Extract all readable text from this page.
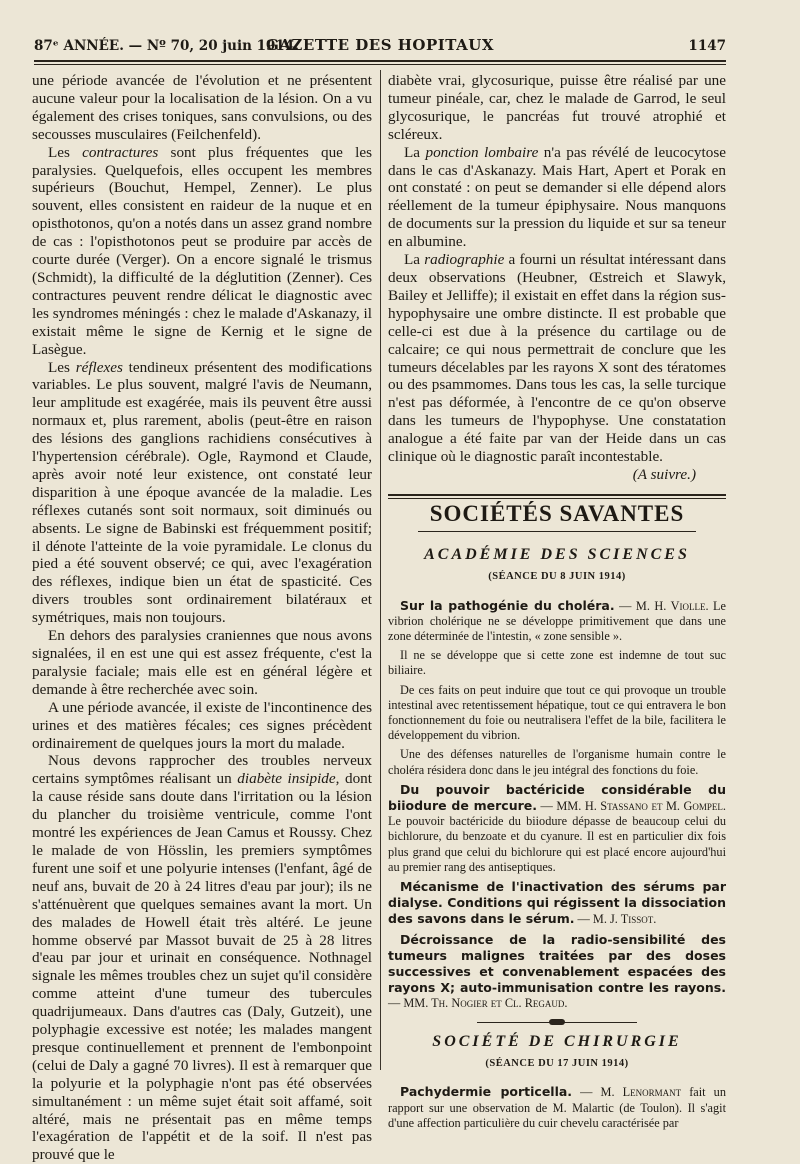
87ᵉ ANNÉE. — Nº 70, 20 juin 1914.
GAZETTE DES HOPITAUX	1147

une période avancée de l'évolution et ne présentent aucune valeur pour la localisation de la lésion. On a vu également des crises toniques, sans convulsions, ou des secousses musculaires (Feilchenfeld).

Les contractures sont plus fréquentes que les paralysies. Quelquefois, elles occupent les membres supérieurs (Bouchut, Hempel, Zenner). Le plus souvent, elles consistent en raideur de la nuque et en opisthotonos, qu'on a notés dans un assez grand nombre de cas : l'opisthotonos peut se produire par accès de courte durée (Verger). On a encore signalé le trismus (Schmidt), la difficulté de la déglutition (Zenner). Ces contractures peuvent rendre délicat le diagnostic avec les syndromes méningés : chez le malade d'Askanazy, il existait même le signe de Kernig et le signe de Lasègue.

Les réflexes tendineux présentent des modifications variables. Le plus souvent, malgré l'avis de Neumann, leur amplitude est exagérée, mais ils peuvent être aussi normaux et, plus rarement, abolis (peut-être en raison des lésions des ganglions rachidiens consécutives à l'hypertension cérébrale). Ogle, Raymond et Claude, après avoir noté leur existence, ont constaté leur disparition à une époque avancée de la maladie. Les réflexes cutanés sont soit normaux, soit diminués ou absents. Le signe de Babinski est fréquemment positif; il dénote l'atteinte de la voie pyramidale. Le clonus du pied a été souvent observé; ce qui, avec l'exagération des réflexes, indique bien un état de spasticité. Ces divers troubles sont ordinairement bilatéraux et symétriques, mais non toujours.

En dehors des paralysies craniennes que nous avons signalées, il en est une qui est assez fréquente, c'est la paralysie faciale; mais elle est en général légère et demande à être recherchée avec soin.

A une période avancée, il existe de l'incontinence des urines et des matières fécales; ces signes précèdent ordinairement de quelques jours la mort du malade.

Nous devons rapprocher des troubles nerveux certains symptômes réalisant un diabète insipide, dont la cause réside sans doute dans l'irritation ou la lésion du plancher du troisième ventricule, comme l'ont montré les expériences de Jean Camus et Roussy. Chez le malade de von Hösslin, les premiers symptômes furent une soif et une polyurie intenses (l'enfant, âgé de neuf ans, buvait de 20 à 24 litres d'eau par jour); ils ne s'atténuèrent que quelques semaines avant la mort. Un des malades de Howell était très altéré. Le jeune homme observé par Massot buvait de 25 à 28 litres d'eau par jour et urinait en conséquence. Nothnagel signale les mêmes troubles chez un sujet qu'il considère comme atteint d'une tumeur des tubercules quadrijumeaux. Dans d'autres cas (Daly, Gutzeit), une polyphagie excessive est notée; les malades mangent presque continuellement et prennent de l'embonpoint (celui de Daly a gagné 70 livres). Il est à remarquer que la polyurie et la polyphagie n'ont pas été observées simultanément : un même sujet était soit affamé, soit altéré, mais ne présentait pas en même temps l'exagération de l'appétit et de la soif. Il n'est pas prouvé que le

diabète vrai, glycosurique, puisse être réalisé par une tumeur pinéale, car, chez le malade de Garrod, le seul glycosurique, le pancréas fut trouvé atrophié et scléreux.

La ponction lombaire n'a pas révélé de leucocytose dans le cas d'Askanazy. Mais Hart, Apert et Porak en ont constaté : on peut se demander si elle dépend alors réellement de la tumeur épiphysaire. Nous manquons de documents sur la pression du liquide et sur sa teneur en albumine.

La radiographie a fourni un résultat intéressant dans deux observations (Heubner, Œstreich et Slawyk, Bailey et Jelliffe); il existait en effet dans la région sus-hypophysaire une ombre distincte. Il est probable que celle-ci est due à la présence du cartilage ou de calcaire; ce qui nous permettrait de conclure que les tumeurs décelables par les rayons X sont des tératomes ou des psammomes. Dans tous les cas, la selle turcique n'est pas déformée, à l'encontre de ce qu'on observe dans les tumeurs de l'hypophyse. Une constatation analogue a été faite par van der Heide dans un cas clinique où le diagnostic paraît incontestable.

(A suivre.)
SOCIÉTÉS SAVANTES
ACADÉMIE DES SCIENCES
(SÉANCE DU 8 JUIN 1914)

Sur la pathogénie du choléra. — M. H. Violle. Le vibrion cholérique ne se développe primitivement que dans une zone déterminée de l'intestin, « zone sensible ».

Il ne se développe que si cette zone est indemne de tout suc biliaire.

De ces faits on peut induire que tout ce qui provoque un trouble intestinal avec retentissement hépatique, tout ce qui entravera le bon fonctionnement du foie ou neutralisera l'effet de la bile, facilitera le développement du vibrion.

Une des défenses naturelles de l'organisme humain contre le choléra résidera donc dans le jeu intégral des fonctions du foie.

Du pouvoir bactéricide considérable du biiodure de mercure. — MM. H. Stassano et M. Gompel. Le pouvoir bactéricide du biiodure dépasse de beaucoup celui du bichlorure, du benzoate et du cyanure. Il est en particulier dix fois plus grand que celui du bichlorure qui est placé encore aujourd'hui au premier rang des antiseptiques.

Mécanisme de l'inactivation des sérums par dialyse. Conditions qui régissent la dissociation des savons dans le sérum. — M. J. Tissot.

Décroissance de la radio-sensibilité des tumeurs malignes traitées par des doses successives et convenablement espacées des rayons X; auto-immunisation contre les rayons. — MM. Th. Nogier et Cl. Regaud.

SOCIÉTÉ DE CHIRURGIE
(SÉANCE DU 17 JUIN 1914)

Pachydermie porticella. — M. Lenormant fait un rapport sur une observation de M. Malartic (de Toulon). Il s'agit d'une affection particulière du cuir chevelu caractérisée par
